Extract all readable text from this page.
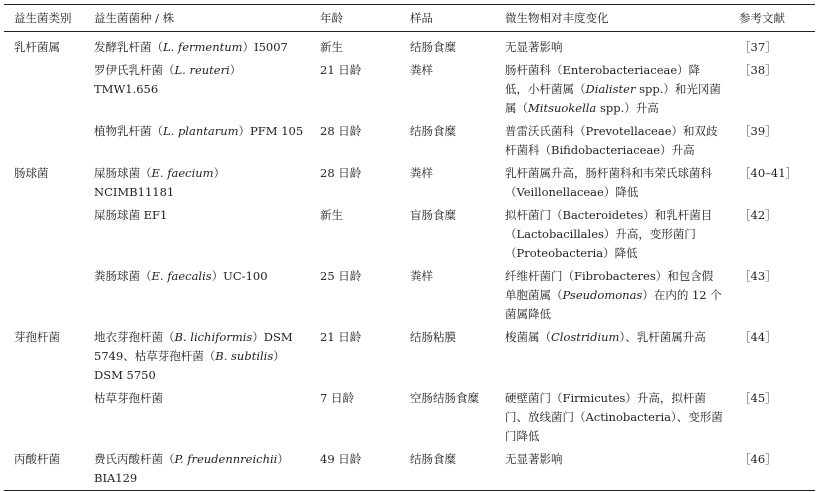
益生菌类别	益生菌菌种 / 株	年龄	样品	微生物相对丰度变化	参考文献
乳杆菌属	发酵乳杆菌（L. fermentum）I5007	新生	结肠食糜	无显著影响	［37］
	罗伊氏乳杆菌（L. reuteri）TMW1.656	21 日龄	粪样	肠杆菌科（Enterobacteriaceae）降低，小杆菌属（Dialister spp.）和光冈菌属（Mitsuokella spp.）升高	［38］
	植物乳杆菌（L. plantarum）PFM 105	28 日龄	结肠食糜	普雷沃氏菌科（Prevotellaceae）和双歧杆菌科（Bifidobacteriaceae）升高	［39］
肠球菌	屎肠球菌（E. faecium）NCIMB11181	28 日龄	粪样	乳杆菌属升高，肠杆菌科和韦荣氏球菌科（Veillonellaceae）降低	［40–41］
	屎肠球菌 EF1	新生	盲肠食糜	拟杆菌门（Bacteroidetes）和乳杆菌目（Lactobacillales）升高，变形菌门（Proteobacteria）降低	［42］
	粪肠球菌（E. faecalis）UC-100	25 日龄	粪样	纤维杆菌门（Fibrobacteres）和包含假单胞菌属（Pseudomonas）在内的 12 个菌属降低	［43］
芽孢杆菌	地衣芽孢杆菌（B. lichiformis）DSM 5749、枯草芽孢杆菌（B. subtilis）DSM 5750	21 日龄	结肠粘膜	梭菌属（Clostridium）、乳杆菌属升高	［44］
	枯草芽孢杆菌	7 日龄	空肠结肠食糜	硬壁菌门（Firmicutes）升高，拟杆菌门、放线菌门（Actinobacteria）、变形菌门降低	［45］
丙酸杆菌	费氏丙酸杆菌（P. freudennreichii）BIA129	49 日龄	结肠食糜	无显著影响	［46］
